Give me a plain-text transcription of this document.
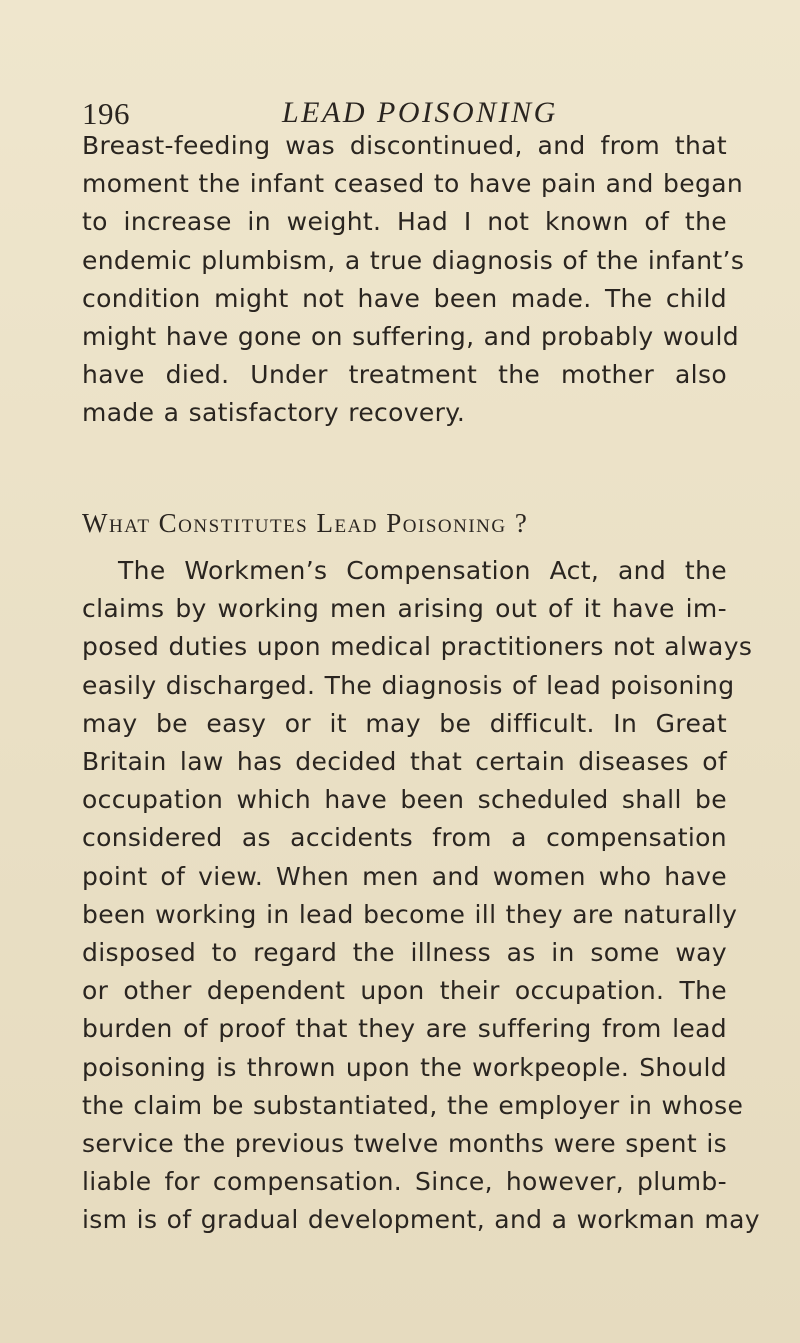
196	LEAD POISONING
Breast-feeding was discontinued, and from that
moment the infant ceased to have pain and began
to increase in weight. Had I not known of the
endemic plumbism, a true diagnosis of the infant’s
condition might not have been made. The child
might have gone on suffering, and probably would
have died. Under treatment the mother also
made a satisfactory recovery.
What Constitutes Lead Poisoning ?
The Workmen’s Compensation Act, and the
claims by working men arising out of it have im-
posed duties upon medical practitioners not always
easily discharged. The diagnosis of lead poisoning
may be easy or it may be difficult. In Great
Britain law has decided that certain diseases of
occupation which have been scheduled shall be
considered as accidents from a compensation
point of view. When men and women who have
been working in lead become ill they are naturally
disposed to regard the illness as in some way
or other dependent upon their occupation. The
burden of proof that they are suffering from lead
poisoning is thrown upon the workpeople. Should
the claim be substantiated, the employer in whose
service the previous twelve months were spent is
liable for compensation. Since, however, plumb-
ism is of gradual development, and a workman may
